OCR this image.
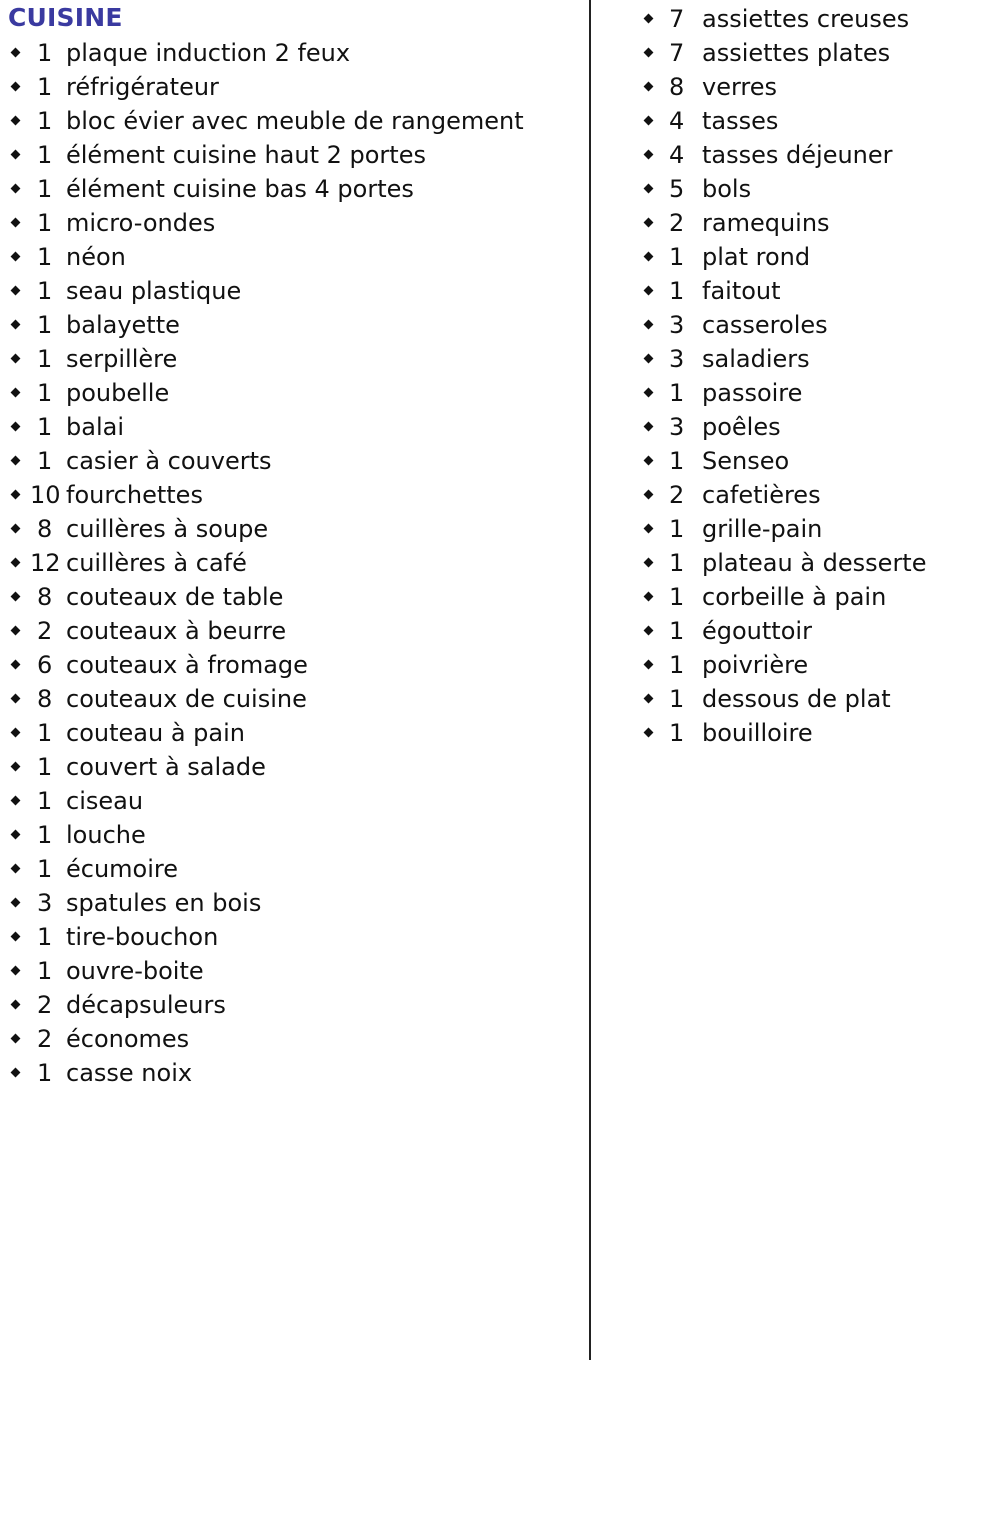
CUISINE
1 plaque induction 2 feux
1 réfrigérateur
1 bloc évier avec meuble de rangement
1 élément cuisine haut 2 portes
1 élément cuisine bas 4 portes
1 micro-ondes
1 néon
1 seau plastique
1 balayette
1 serpillère
1 poubelle
1 balai
1 casier à couverts
10 fourchettes
8 cuillères à soupe
12 cuillères à café
8 couteaux de table
2 couteaux à beurre
6 couteaux à fromage
8 couteaux de cuisine
1 couteau à pain
1 couvert à salade
1 ciseau
1 louche
1 écumoire
3 spatules en bois
1 tire-bouchon
1 ouvre-boite
2 décapsuleurs
2 économes
1 casse noix
7 assiettes creuses
7 assiettes plates
8 verres
4 tasses
4 tasses déjeuner
5 bols
2 ramequins
1 plat rond
1 faitout
3 casseroles
3 saladiers
1 passoire
3 poêles
1 Senseo
2 cafetières
1 grille-pain
1 plateau à desserte
1 corbeille à pain
1 égouttoir
1 poivrière
1 dessous de plat
1 bouilloire
